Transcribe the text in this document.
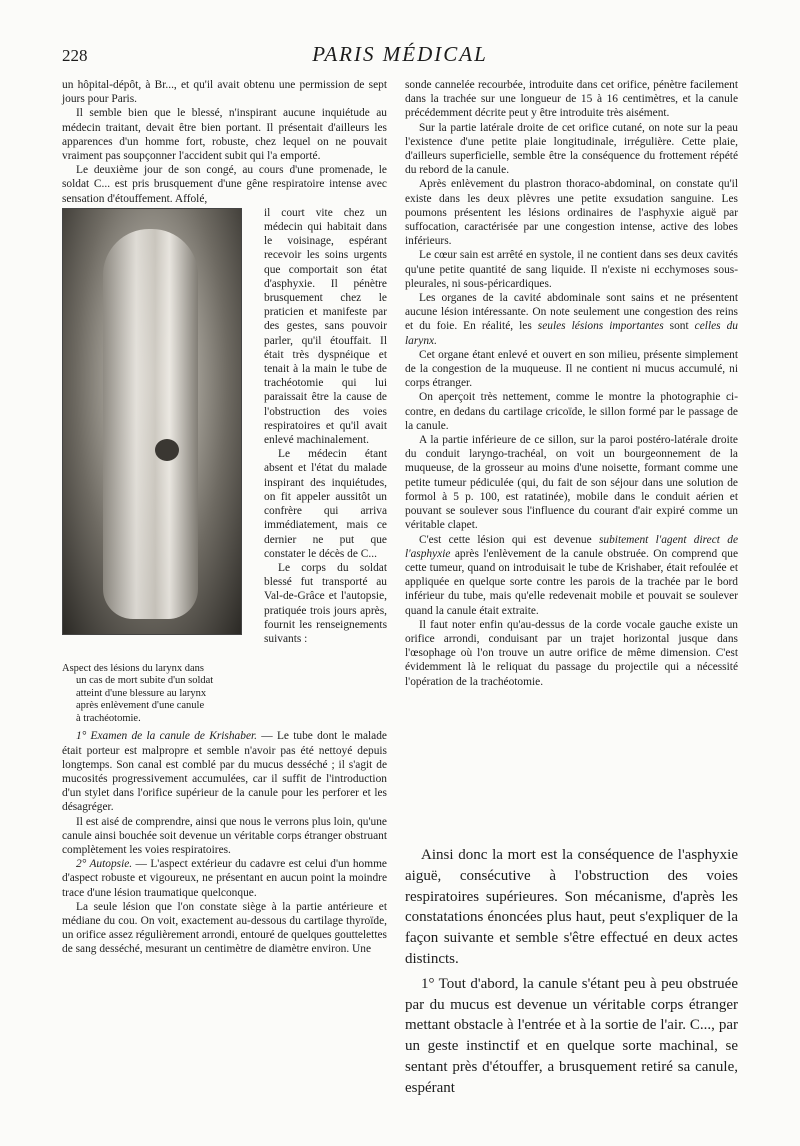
228	PARIS MÉDICAL

un hôpital-dépôt, à Br..., et qu'il avait obtenu une permission de sept jours pour Paris.

Il semble bien que le blessé, n'inspirant aucune inquiétude au médecin traitant, devait être bien portant. Il présentait d'ailleurs les apparences d'un homme fort, robuste, chez lequel on ne pouvait vraiment pas soupçonner l'accident subit qui l'a emporté.

Le deuxième jour de son congé, au cours d'une promenade, le soldat C... est pris brusquement d'une gêne respiratoire intense avec sensation d'étouffement. Affolé,

Aspect des lésions du larynx dans
un cas de mort subite d'un soldat
atteint d'une blessure au larynx
après enlèvement d'une canule
à trachéotomie.

il court vite chez un médecin qui habitait dans le voisinage, espérant recevoir les soins urgents que comportait son état d'asphyxie. Il pénètre brusquement chez le praticien et manifeste par des gestes, sans pouvoir parler, qu'il étouffait. Il était très dyspnéique et tenait à la main le tube de trachéotomie qui lui paraissait être la cause de l'obstruction des voies respiratoires et qu'il avait enlevé machinalement.

Le médecin étant absent et l'état du malade inspirant des inquiétudes, on fit appeler aussitôt un confrère qui arriva immédiatement, mais ce dernier ne put que constater le décès de C...

Le corps du soldat blessé fut transporté au Val-de-Grâce et l'autopsie, pratiquée trois jours après, fournit les renseignements suivants :

1° Examen de la canule de Krishaber. — Le tube dont le malade était porteur est malpropre et semble n'avoir pas été nettoyé depuis longtemps. Son canal est comblé par du mucus desséché ; il s'agit de mucosités progressivement accumulées, car il suffit de l'introduction d'un stylet dans l'orifice supérieur de la canule pour les perforer et les désagréger.

Il est aisé de comprendre, ainsi que nous le verrons plus loin, qu'une canule ainsi bouchée soit devenue un véritable corps étranger obstruant complètement les voies respiratoires.

2° Autopsie. — L'aspect extérieur du cadavre est celui d'un homme d'aspect robuste et vigoureux, ne présentant en aucun point la moindre trace d'une lésion traumatique quelconque.

La seule lésion que l'on constate siège à la partie antérieure et médiane du cou. On voit, exactement au-dessous du cartilage thyroïde, un orifice assez régulièrement arrondi, entouré de quelques gouttelettes de sang desséché, mesurant un centimètre de diamètre environ. Une

sonde cannelée recourbée, introduite dans cet orifice, pénètre facilement dans la trachée sur une longueur de 15 à 16 centimètres, et la canule précédemment décrite peut y être introduite très aisément.

Sur la partie latérale droite de cet orifice cutané, on note sur la peau l'existence d'une petite plaie longitudinale, irrégulière. Cette plaie, d'ailleurs superficielle, semble être la conséquence du frottement répété du rebord de la canule.

Après enlèvement du plastron thoraco-abdominal, on constate qu'il existe dans les deux plèvres une petite exsudation sanguine. Les poumons présentent les lésions ordinaires de l'asphyxie aiguë par suffocation, caractérisée par une congestion intense, active des lobes inférieurs.

Le cœur sain est arrêté en systole, il ne contient dans ses deux cavités qu'une petite quantité de sang liquide. Il n'existe ni ecchymoses sous-pleurales, ni sous-péricardiques.

Les organes de la cavité abdominale sont sains et ne présentent aucune lésion intéressante. On note seulement une congestion des reins et du foie. En réalité, les seules lésions importantes sont celles du larynx.

Cet organe étant enlevé et ouvert en son milieu, présente simplement de la congestion de la muqueuse. Il ne contient ni mucus accumulé, ni corps étranger.

On aperçoit très nettement, comme le montre la photographie ci-contre, en dedans du cartilage cricoïde, le sillon formé par le passage de la canule.

A la partie inférieure de ce sillon, sur la paroi postéro-latérale droite du conduit laryngo-trachéal, on voit un bourgeonnement de la muqueuse, de la grosseur au moins d'une noisette, formant comme une petite tumeur pédiculée (qui, du fait de son séjour dans une solution de formol à 5 p. 100, est ratatinée), mobile dans le conduit aérien et pouvant se soulever sous l'influence du courant d'air expiré comme un véritable clapet.

C'est cette lésion qui est devenue subitement l'agent direct de l'asphyxie après l'enlèvement de la canule obstruée. On comprend que cette tumeur, quand on introduisait le tube de Krishaber, était refoulée et appliquée en quelque sorte contre les parois de la trachée par le bord inférieur du tube, mais qu'elle redevenait mobile et pouvait se soulever quand la canule était extraite.

Il faut noter enfin qu'au-dessus de la corde vocale gauche existe un orifice arrondi, conduisant par un trajet horizontal jusque dans l'œsophage où l'on trouve un autre orifice de même dimension. C'est évidemment là le reliquat du passage du projectile qui a nécessité l'opération de la trachéotomie.

Ainsi donc la mort est la conséquence de l'asphyxie aiguë, consécutive à l'obstruction des voies respiratoires supérieures. Son mécanisme, d'après les constatations énoncées plus haut, peut s'expliquer de la façon suivante et semble s'être effectué en deux actes distincts.

1° Tout d'abord, la canule s'étant peu à peu obstruée par du mucus est devenue un véritable corps étranger mettant obstacle à l'entrée et à la sortie de l'air. C..., par un geste instinctif et en quelque sorte machinal, se sentant près d'étouffer, a brusquement retiré sa canule, espérant
